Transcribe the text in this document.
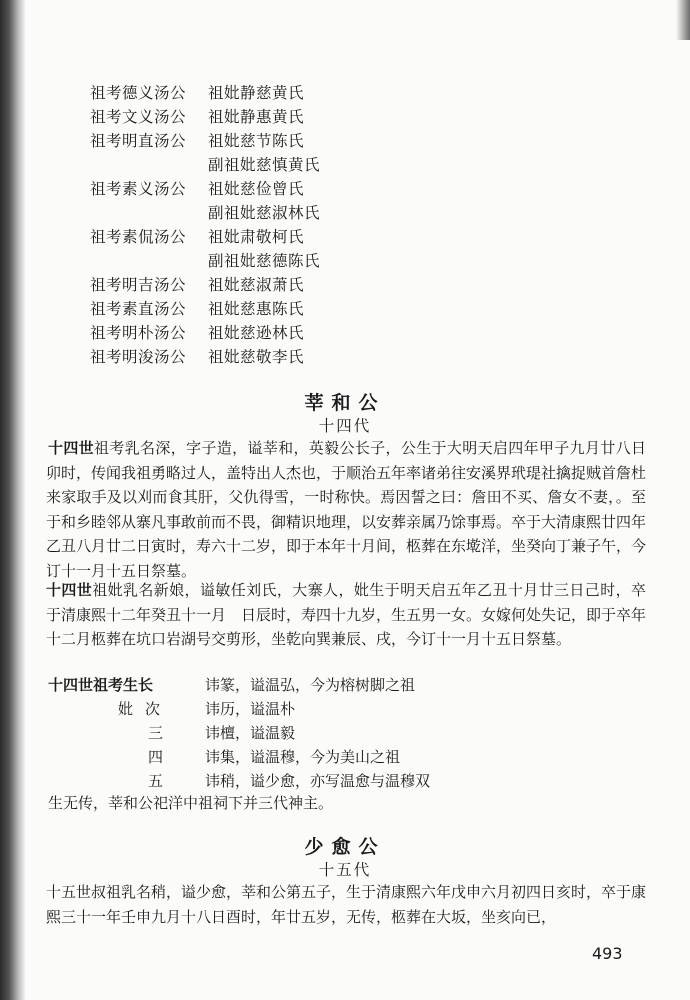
祖考德义汤公	祖妣静慈黄氏
祖考文义汤公	祖妣静惠黄氏
祖考明直汤公	祖妣慈节陈氏
副祖妣慈慎黄氏
祖考素义汤公	祖妣慈俭曾氏
副祖妣慈淑林氏
祖考素侃汤公	祖妣肃敬柯氏
副祖妣慈德陈氏
祖考明吉汤公	祖妣慈淑萧氏
祖考素直汤公	祖妣慈惠陈氏
祖考明朴汤公	祖妣慈逊林氏
祖考明浚汤公	祖妣慈敬李氏
莘和公
十四代
十四世祖考乳名深，字子造，谥莘和，英毅公长子，公生于大明天启四年甲子九月廿八日卯时，传闻我祖勇略过人，盖特出人杰也，于顺治五年率诸弟往安溪界玳瑅社擒捉贼首詹杜来家取手及以刈而食其肝，父仇得雪，一时称快。焉因誓之曰：詹田不买、詹女不妻，。至于和乡睦邻从寨凡事敢前而不畏，御精识地理，以安葬亲属乃馀事焉。卒于大清康熙廿四年乙丑八月廿二日寅时，寿六十二岁，即于本年十月间，柩葬在东墘洋，坐癸向丁兼子午，今订十一月十五日祭墓。
十四世祖妣乳名新娘，谥敏任刘氏，大寨人，妣生于明天启五年乙丑十月廿三日己时，卒于清康熙十二年癸丑十一月　日辰时，寿四十九岁，生五男一女。女嫁何处失记，即于卒年十二月柩葬在坑口岩湖号交剪形，坐乾向巽兼辰、戌，今订十一月十五日祭墓。
十四世祖考生长	讳篆，谥温弘，今为榕树脚之祖
妣次	讳历，谥温朴
三	讳檀，谥温毅
四	讳集，谥温穆，今为美山之祖
五	讳稍，谥少愈，亦写温愈与温穆双
生无传，莘和公祀洋中祖祠下并三代神主。
少愈公
十五代
十五世叔祖乳名稍，谥少愈，莘和公第五子，生于清康熙六年戊申六月初四日亥时，卒于康熙三十一年壬申九月十八日酉时，年廿五岁，无传，柩葬在大坂，坐亥向已，
493
